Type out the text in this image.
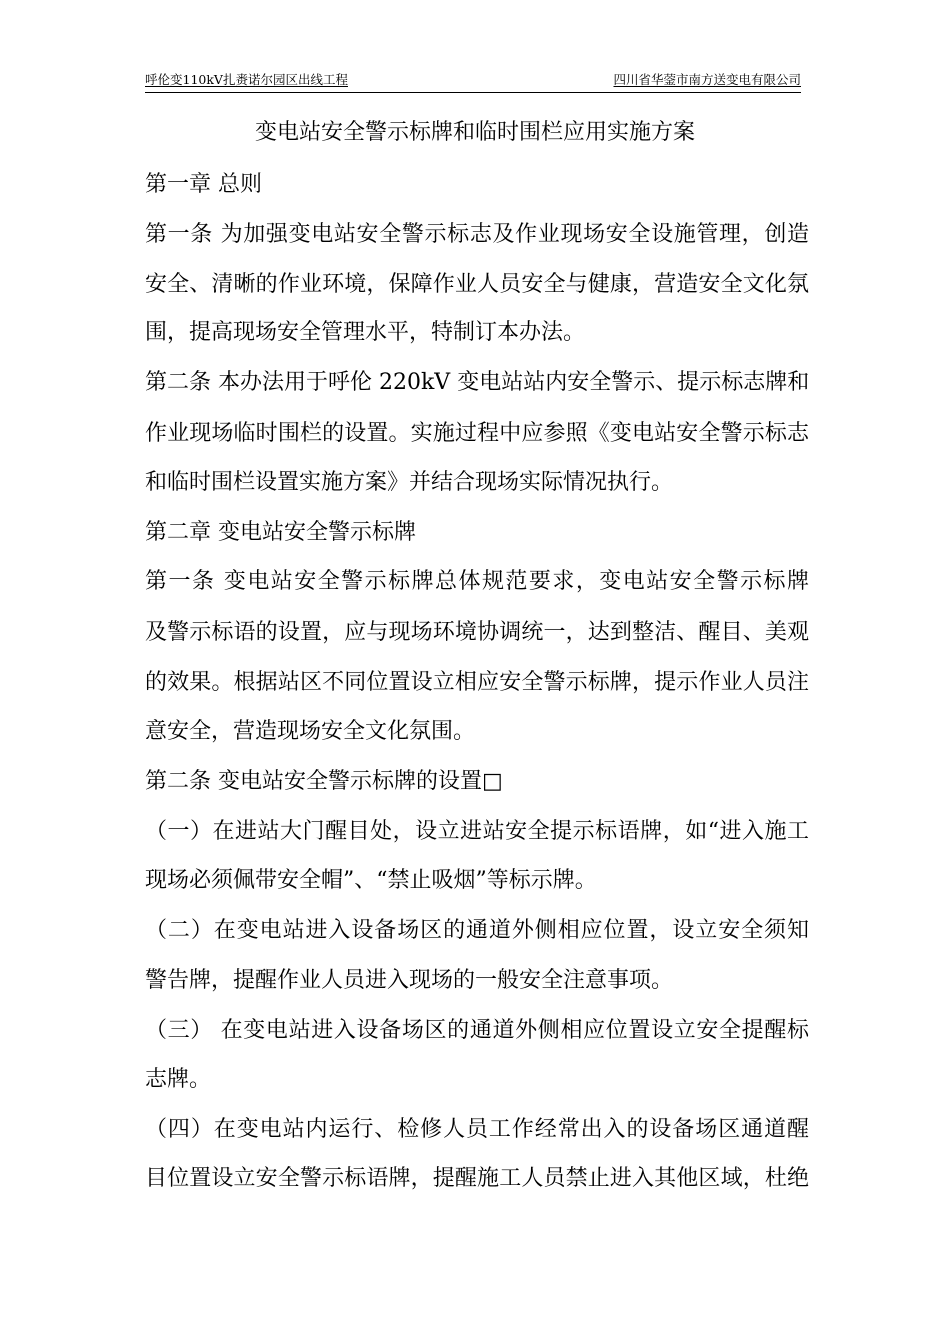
呼伦变110kV扎赉诺尔园区出线工程	四川省华蓥市南方送变电有限公司
变电站安全警示标牌和临时围栏应用实施方案
第一章 总则
第一条 为加强变电站安全警示标志及作业现场安全设施管理，创造
安全、清晰的作业环境，保障作业人员安全与健康，营造安全文化氛
围，提高现场安全管理水平，特制订本办法。
第二条 本办法用于呼伦 220kV 变电站站内安全警示、提示标志牌和
作业现场临时围栏的设置。实施过程中应参照《变电站安全警示标志
和临时围栏设置实施方案》并结合现场实际情况执行。
第二章 变电站安全警示标牌
第一条 变电站安全警示标牌总体规范要求，变电站安全警示标牌
及警示标语的设置，应与现场环境协调统一，达到整洁、醒目、美观
的效果。根据站区不同位置设立相应安全警示标牌，提示作业人员注
意安全，营造现场安全文化氛围。
第二条 变电站安全警示标牌的设置□
（一）在进站大门醒目处，设立进站安全提示标语牌，如“进入施工
现场必须佩带安全帽”、“禁止吸烟”等标示牌。
（二）在变电站进入设备场区的通道外侧相应位置，设立安全须知
警告牌，提醒作业人员进入现场的一般安全注意事项。
（三） 在变电站进入设备场区的通道外侧相应位置设立安全提醒标
志牌。
（四）在变电站内运行、检修人员工作经常出入的设备场区通道醒
目位置设立安全警示标语牌，提醒施工人员禁止进入其他区域，杜绝
